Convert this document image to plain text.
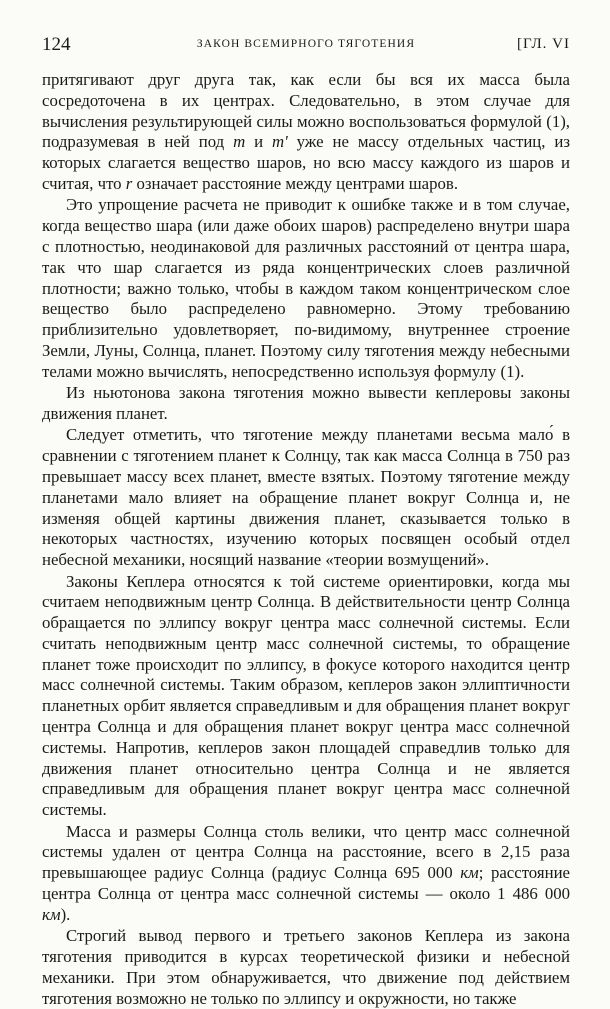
124	ЗАКОН ВСЕМИРНОГО ТЯГОТЕНИЯ	[ГЛ. VI

притягивают друг друга так, как если бы вся их масса была сосредоточена в их центрах. Следовательно, в этом случае для вычисления результирующей силы можно воспользоваться формулой (1), подразумевая в ней под m и m' уже не массу отдельных частиц, из которых слагается вещество шаров, но всю массу каждого из шаров и считая, что r означает расстояние между центрами шаров.

Это упрощение расчета не приводит к ошибке также и в том случае, когда вещество шара (или даже обоих шаров) распределено внутри шара с плотностью, неодинаковой для различных расстояний от центра шара, так что шар слагается из ряда концентрических слоев различной плотности; важно только, чтобы в каждом таком концентрическом слое вещество было распределено равномерно. Этому требованию приблизительно удовлетворяет, по-видимому, внутреннее строение Земли, Луны, Солнца, планет. Поэтому силу тяготения между небесными телами можно вычислять, непосредственно используя формулу (1).

Из ньютонова закона тяготения можно вывести кеплеровы законы движения планет.

Следует отметить, что тяготение между планетами весьма мало́ в сравнении с тяготением планет к Солнцу, так как масса Солнца в 750 раз превышает массу всех планет, вместе взятых. Поэтому тяготение между планетами мало влияет на обращение планет вокруг Солнца и, не изменяя общей картины движения планет, сказывается только в некоторых частностях, изучению которых посвящен особый отдел небесной механики, носящий название «теории возмущений».

Законы Кеплера относятся к той системе ориентировки, когда мы считаем неподвижным центр Солнца. В действительности центр Солнца обращается по эллипсу вокруг центра масс солнечной системы. Если считать неподвижным центр масс солнечной системы, то обращение планет тоже происходит по эллипсу, в фокусе которого находится центр масс солнечной системы. Таким образом, кеплеров закон эллиптичности планетных орбит является справедливым и для обращения планет вокруг центра Солнца и для обращения планет вокруг центра масс солнечной системы. Напротив, кеплеров закон площадей справедлив только для движения планет относительно центра Солнца и не является справедливым для обращения планет вокруг центра масс солнечной системы.

Масса и размеры Солнца столь велики, что центр масс солнечной системы удален от центра Солнца на расстояние, всего в 2,15 раза превышающее радиус Солнца (радиус Солнца 695 000 км; расстояние центра Солнца от центра масс солнечной системы — около 1 486 000 км).

Строгий вывод первого и третьего законов Кеплера из закона тяготения приводится в курсах теоретической физики и небесной механики. При этом обнаруживается, что движение под действием тяготения возможно не только по эллипсу и окружности, но также
